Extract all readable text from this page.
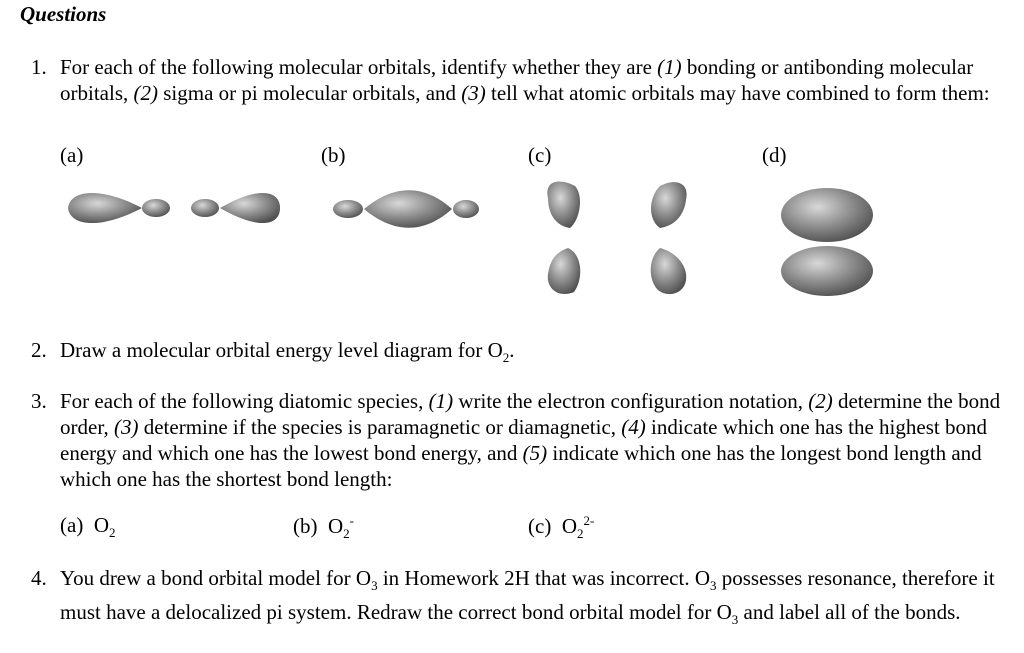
Questions
1. For each of the following molecular orbitals, identify whether they are (1) bonding or antibonding molecular orbitals, (2) sigma or pi molecular orbitals, and (3) tell what atomic orbitals may have combined to form them:
(a)	(b)	(c)	(d)
2. Draw a molecular orbital energy level diagram for $O_2$.
3. For each of the following diatomic species, (1) write the electron configuration notation, (2) determine the bond order, (3) determine if the species is paramagnetic or diamagnetic, (4) indicate which one has the highest bond energy and which one has the lowest bond energy, and (5) indicate which one has the longest bond length and which one has the shortest bond length:
(a) $O_2$	(b) $O_2^-$	(c) $O_2^{2-}$
4. You drew a bond orbital model for $O_3$ in Homework 2H that was incorrect. $O_3$ possesses resonance, therefore it must have a delocalized pi system. Redraw the correct bond orbital model for $O_3$ and label all of the bonds.
